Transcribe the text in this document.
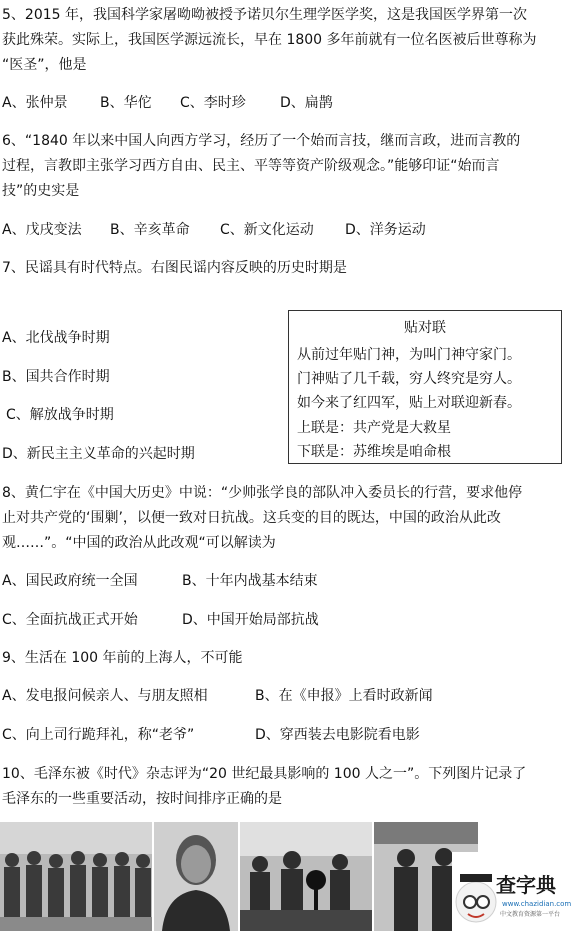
5、2015 年，我国科学家屠呦呦被授予诺贝尔生理学医学奖，这是我国医学界第一次
获此殊荣。实际上，我国医学源远流长，早在 1800 多年前就有一位名医被后世尊称为
“医圣”，他是
A、张仲景 B、华佗 C、李时珍 D、扁鹊
6、“1840 年以来中国人向西方学习，经历了一个始而言技，继而言政，进而言教的
过程，言教即主张学习西方自由、民主、平等等资产阶级观念。”能够印证“始而言
技”的史实是
A、戊戌变法 B、辛亥革命 C、新文化运动 D、洋务运动
7、民谣具有时代特点。右图民谣内容反映的历史时期是
A、北伐战争时期
B、国共合作时期
C、解放战争时期
D、新民主主义革命的兴起时期
贴对联
从前过年贴门神，为叫门神守家门。
门神贴了几千载，穷人终究是穷人。
如今来了红四军，贴上对联迎新春。
上联是：共产党是大救星
下联是：苏维埃是咱命根
8、黄仁宇在《中国大历史》中说：“少帅张学良的部队冲入委员长的行营，要求他停
止对共产党的‘围剿’，以便一致对日抗战。这兵变的目的既达，中国的政治从此改
观……”。“中国的政治从此改观“可以解读为
A、国民政府统一全国	B、十年内战基本结束
C、全面抗战正式开始	D、中国开始局部抗战
9、生活在 100 年前的上海人，不可能
A、发电报问候亲人、与朋友照相	B、在《申报》上看时政新闻
C、向上司行跪拜礼，称“老爷”	D、穿西装去电影院看电影
10、毛泽东被《时代》杂志评为“20 世纪最具影响的 100 人之一”。下列图片记录了
毛泽东的一些重要活动，按时间排序正确的是
查字典
www.chazidian.com
中文教育资源第一平台
